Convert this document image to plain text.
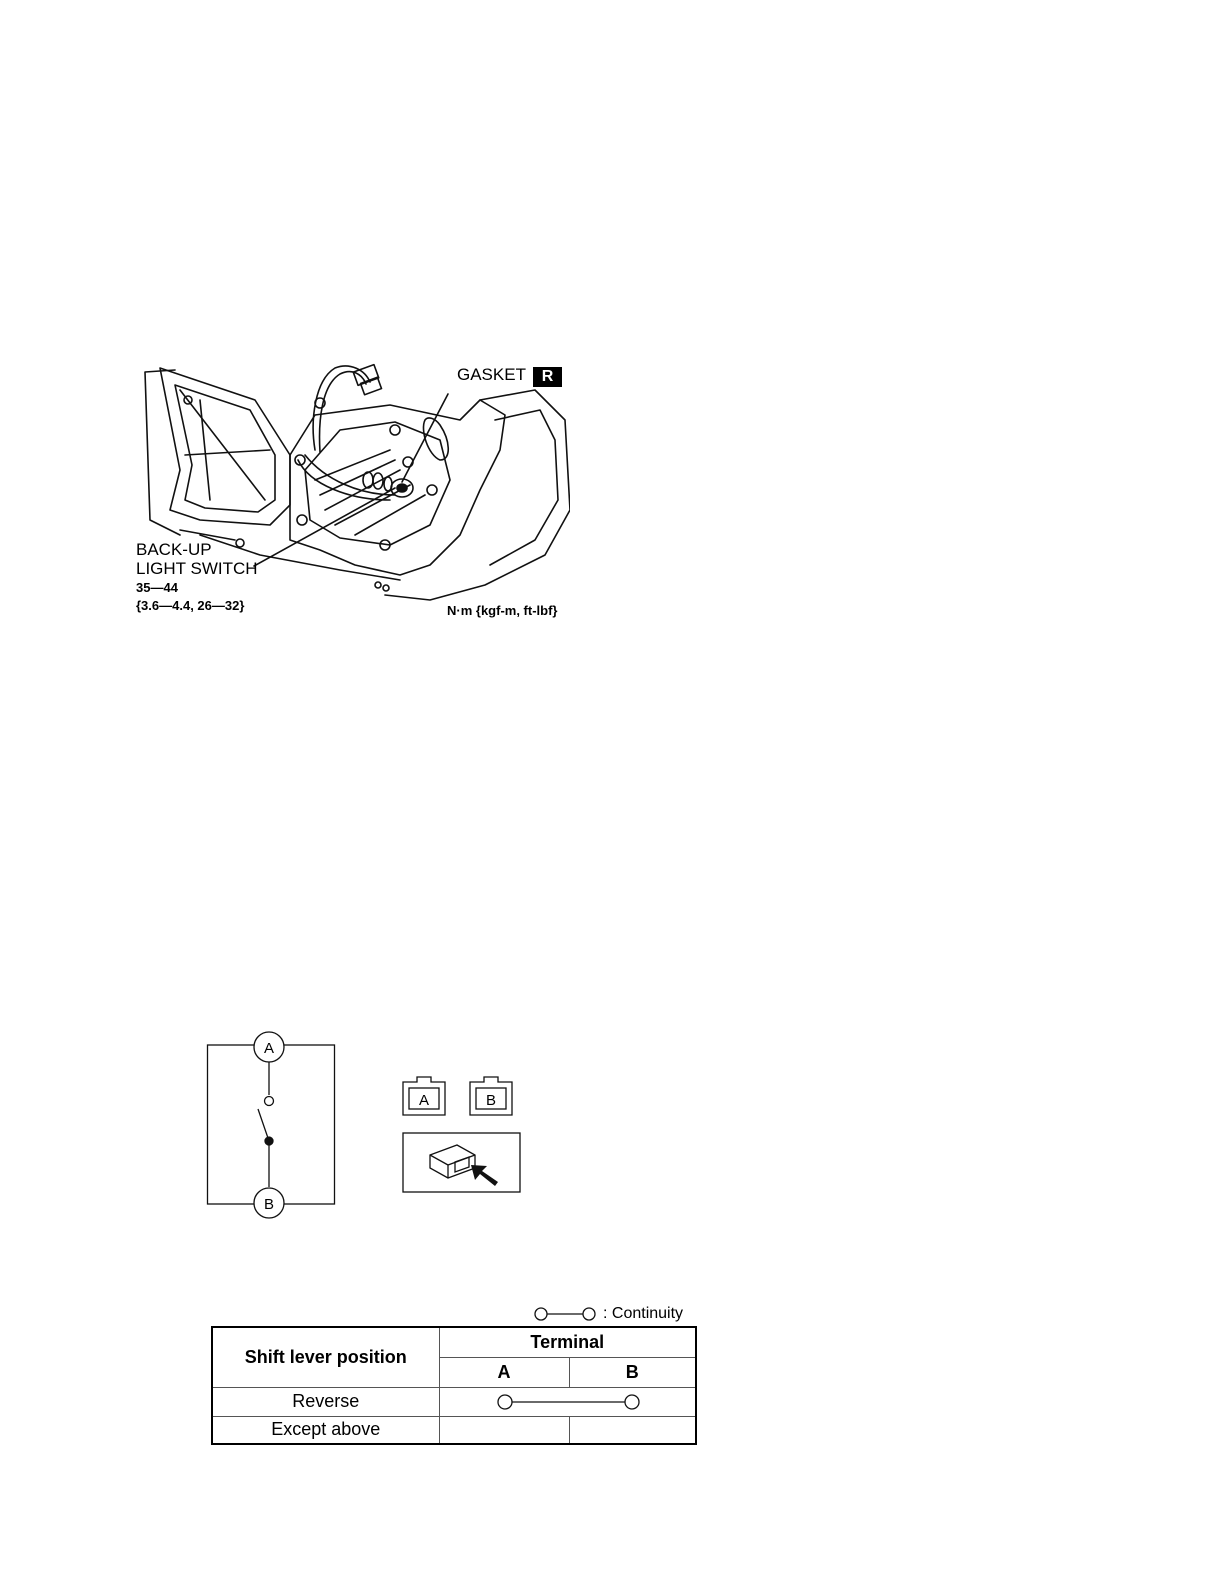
GASKET R
BACK-UP
LIGHT SWITCH
35—44
{3.6—4.4, 26—32}	N·m {kgf-m, ft-lbf}
A
B
A	B
: Continuity
Shift lever position	Terminal	
	A	B
Reverse	

Except above		
